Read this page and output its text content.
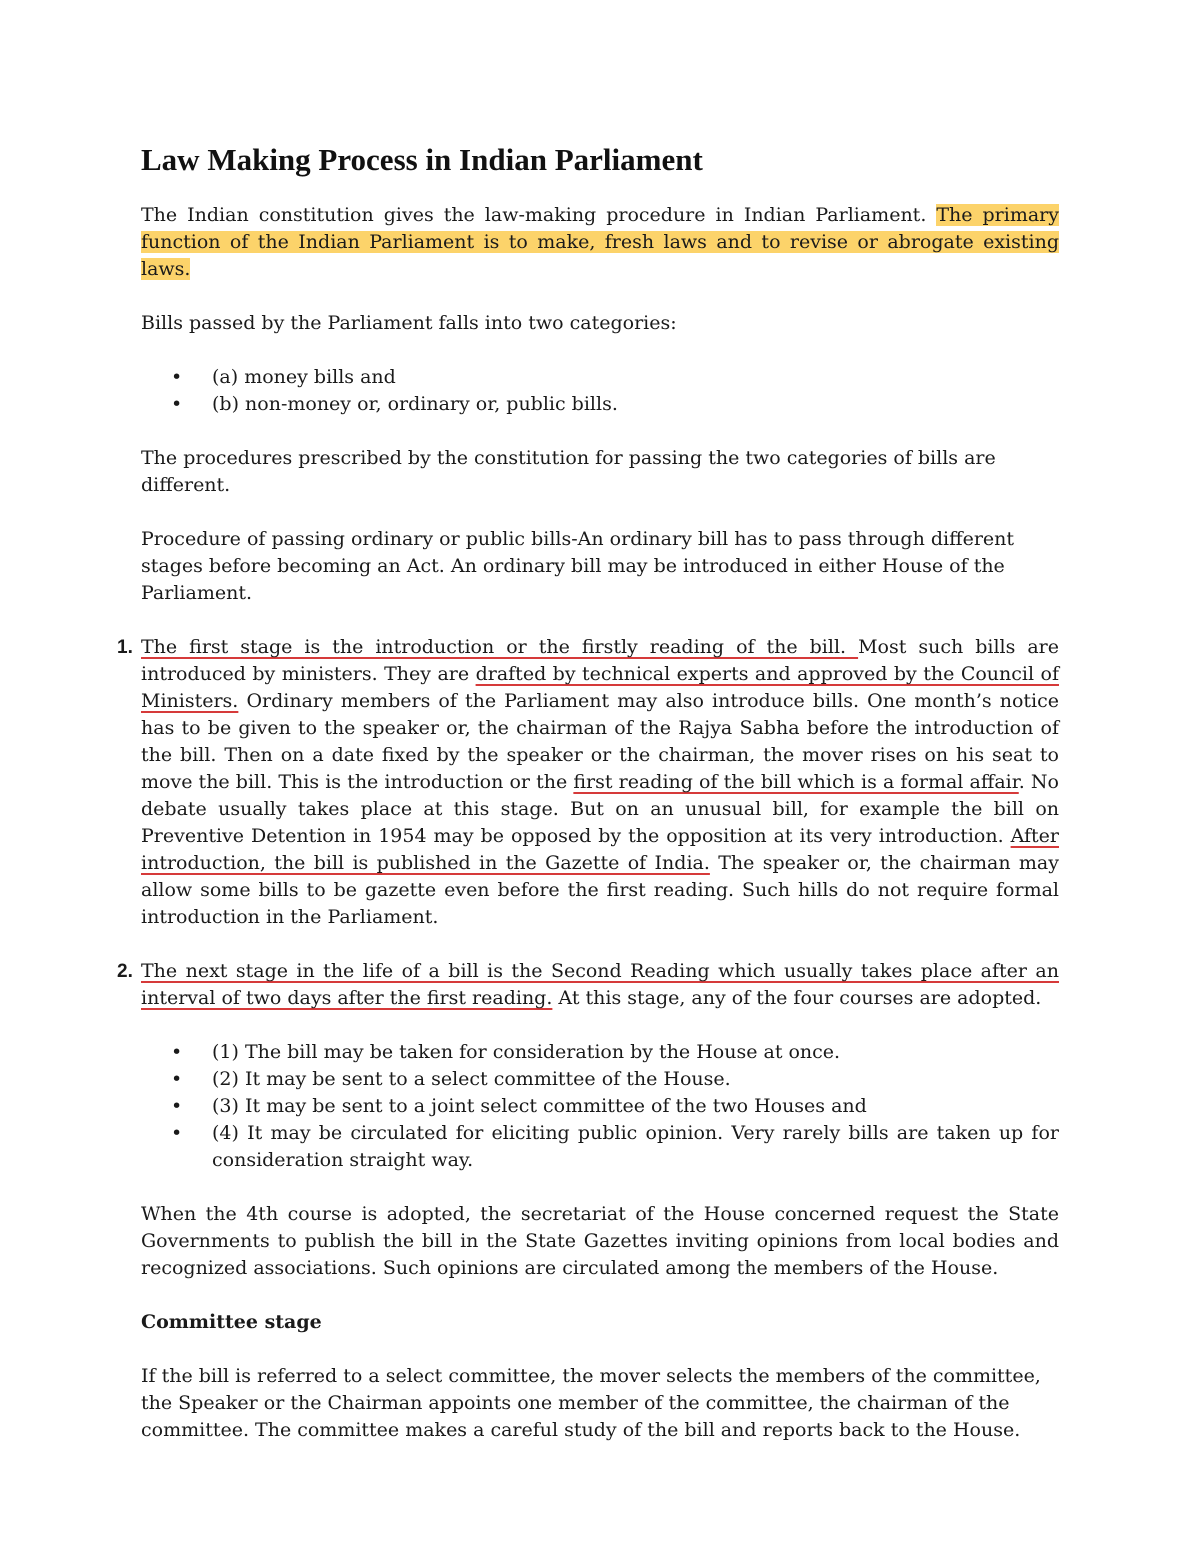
Law Making Process in Indian Parliament

The Indian constitution gives the law-making procedure in Indian Parliament. The primary function of the Indian Parliament is to make, fresh laws and to revise or abrogate existing laws.

Bills passed by the Parliament falls into two categories:

• (a) money bills and
• (b) non-money or, ordinary or, public bills.

The procedures prescribed by the constitution for passing the two categories of bills are different.

Procedure of passing ordinary or public bills-An ordinary bill has to pass through different stages before becoming an Act. An ordinary bill may be introduced in either House of the Parliament.

1. The first stage is the introduction or the firstly reading of the bill. Most such bills are introduced by ministers. They are drafted by technical experts and approved by the Council of Ministers. Ordinary members of the Parliament may also introduce bills. One month’s notice has to be given to the speaker or, the chairman of the Rajya Sabha before the introduction of the bill. Then on a date fixed by the speaker or the chairman, the mover rises on his seat to move the bill. This is the introduction or the first reading of the bill which is a formal affair. No debate usually takes place at this stage. But on an unusual bill, for example the bill on Preventive Detention in 1954 may be opposed by the opposition at its very introduction. After introduction, the bill is published in the Gazette of India. The speaker or, the chairman may allow some bills to be gazette even before the first reading. Such hills do not require formal introduction in the Parliament.
2. The next stage in the life of a bill is the Second Reading which usually takes place after an interval of two days after the first reading. At this stage, any of the four courses are adopted.
• (1) The bill may be taken for consideration by the House at once.
• (2) It may be sent to a select committee of the House.
• (3) It may be sent to a joint select committee of the two Houses and
• (4) It may be circulated for eliciting public opinion. Very rarely bills are taken up for consideration straight way.

When the 4th course is adopted, the secretariat of the House concerned request the State Governments to publish the bill in the State Gazettes inviting opinions from local bodies and recognized associations. Such opinions are circulated among the members of the House.

Committee stage

If the bill is referred to a select committee, the mover selects the members of the committee, the Speaker or the Chairman appoints one member of the committee, the chairman of the committee. The committee makes a careful study of the bill and reports back to the House.
